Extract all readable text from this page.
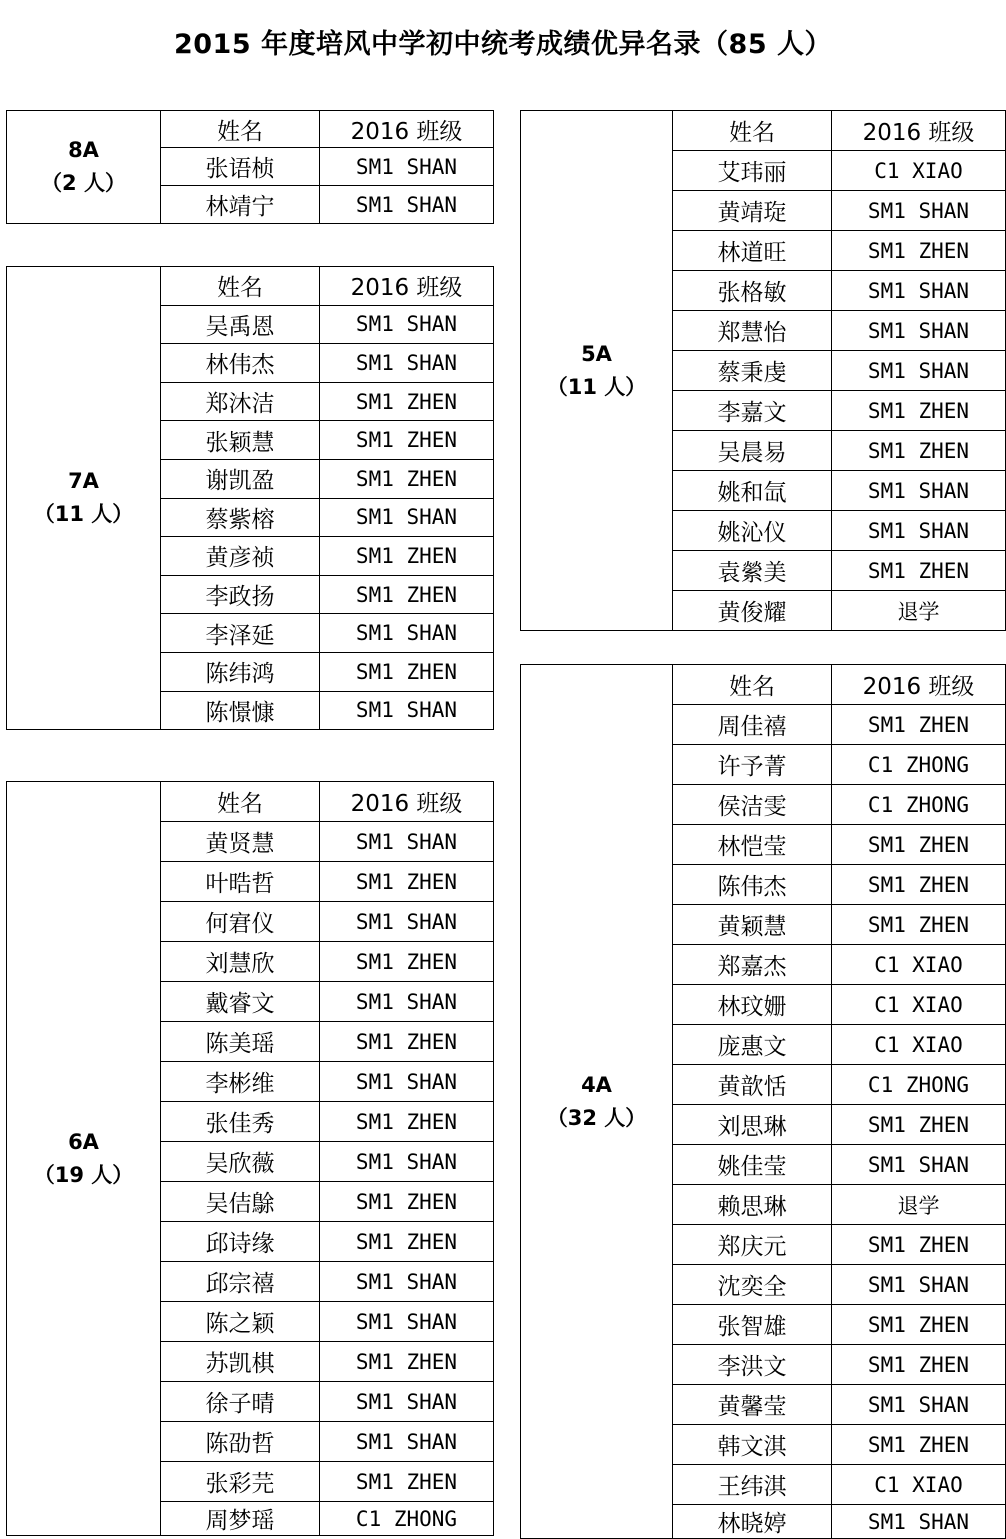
2015 年度培风中学初中统考成绩优异名录（85 人）
8A
（2 人）	姓名	2016 班级
	张语桢	SM1 SHAN
	林靖宁	SM1 SHAN
7A
（11 人）	姓名	2016 班级
	吴禹恩	SM1 SHAN
	林伟杰	SM1 SHAN
	郑沐洁	SM1 ZHEN
	张颖慧	SM1 ZHEN
	谢凯盈	SM1 ZHEN
	蔡紫榕	SM1 SHAN
	黄彦祯	SM1 ZHEN
	李政扬	SM1 ZHEN
	李泽延	SM1 SHAN
	陈纬鸿	SM1 ZHEN
	陈憬慷	SM1 SHAN
6A
（19 人）	姓名	2016 班级
	黄贤慧	SM1 SHAN
	叶晧哲	SM1 ZHEN
	何宭仪	SM1 SHAN
	刘慧欣	SM1 ZHEN
	戴睿文	SM1 SHAN
	陈美瑶	SM1 ZHEN
	李彬维	SM1 SHAN
	张佳秀	SM1 ZHEN
	吴欣薇	SM1 SHAN
	吴佶鵌	SM1 ZHEN
	邱诗缘	SM1 ZHEN
	邱宗禧	SM1 SHAN
	陈之颖	SM1 SHAN
	苏凯棋	SM1 ZHEN
	徐子晴	SM1 SHAN
	陈劭哲	SM1 SHAN
	张彩芫	SM1 ZHEN
	周梦瑶	C1 ZHONG
5A
（11 人）	姓名	2016 班级
	艾玮丽	C1 XIAO
	黄靖琁	SM1 SHAN
	林道旺	SM1 ZHEN
	张格敏	SM1 SHAN
	郑慧怡	SM1 SHAN
	蔡秉虔	SM1 SHAN
	李嘉文	SM1 ZHEN
	吴晨易	SM1 ZHEN
	姚和氙	SM1 SHAN
	姚沁仪	SM1 SHAN
	袁縈美	SM1 ZHEN
	黄俊耀	退学
4A
（32 人）	姓名	2016 班级
	周佳禧	SM1 ZHEN
	许予菁	C1 ZHONG
	侯洁雯	C1 ZHONG
	林恺莹	SM1 ZHEN
	陈伟杰	SM1 ZHEN
	黄颖慧	SM1 ZHEN
	郑嘉杰	C1 XIAO
	林玟姗	C1 XIAO
	庞惠文	C1 XIAO
	黄歆恬	C1 ZHONG
	刘思琳	SM1 ZHEN
	姚佳莹	SM1 SHAN
	赖思琳	退学
	郑庆元	SM1 ZHEN
	沈奕全	SM1 SHAN
	张智雄	SM1 ZHEN
	李洪文	SM1 ZHEN
	黄馨莹	SM1 SHAN
	韩文淇	SM1 ZHEN
	王纬淇	C1 XIAO
	林晓婷	SM1 SHAN
